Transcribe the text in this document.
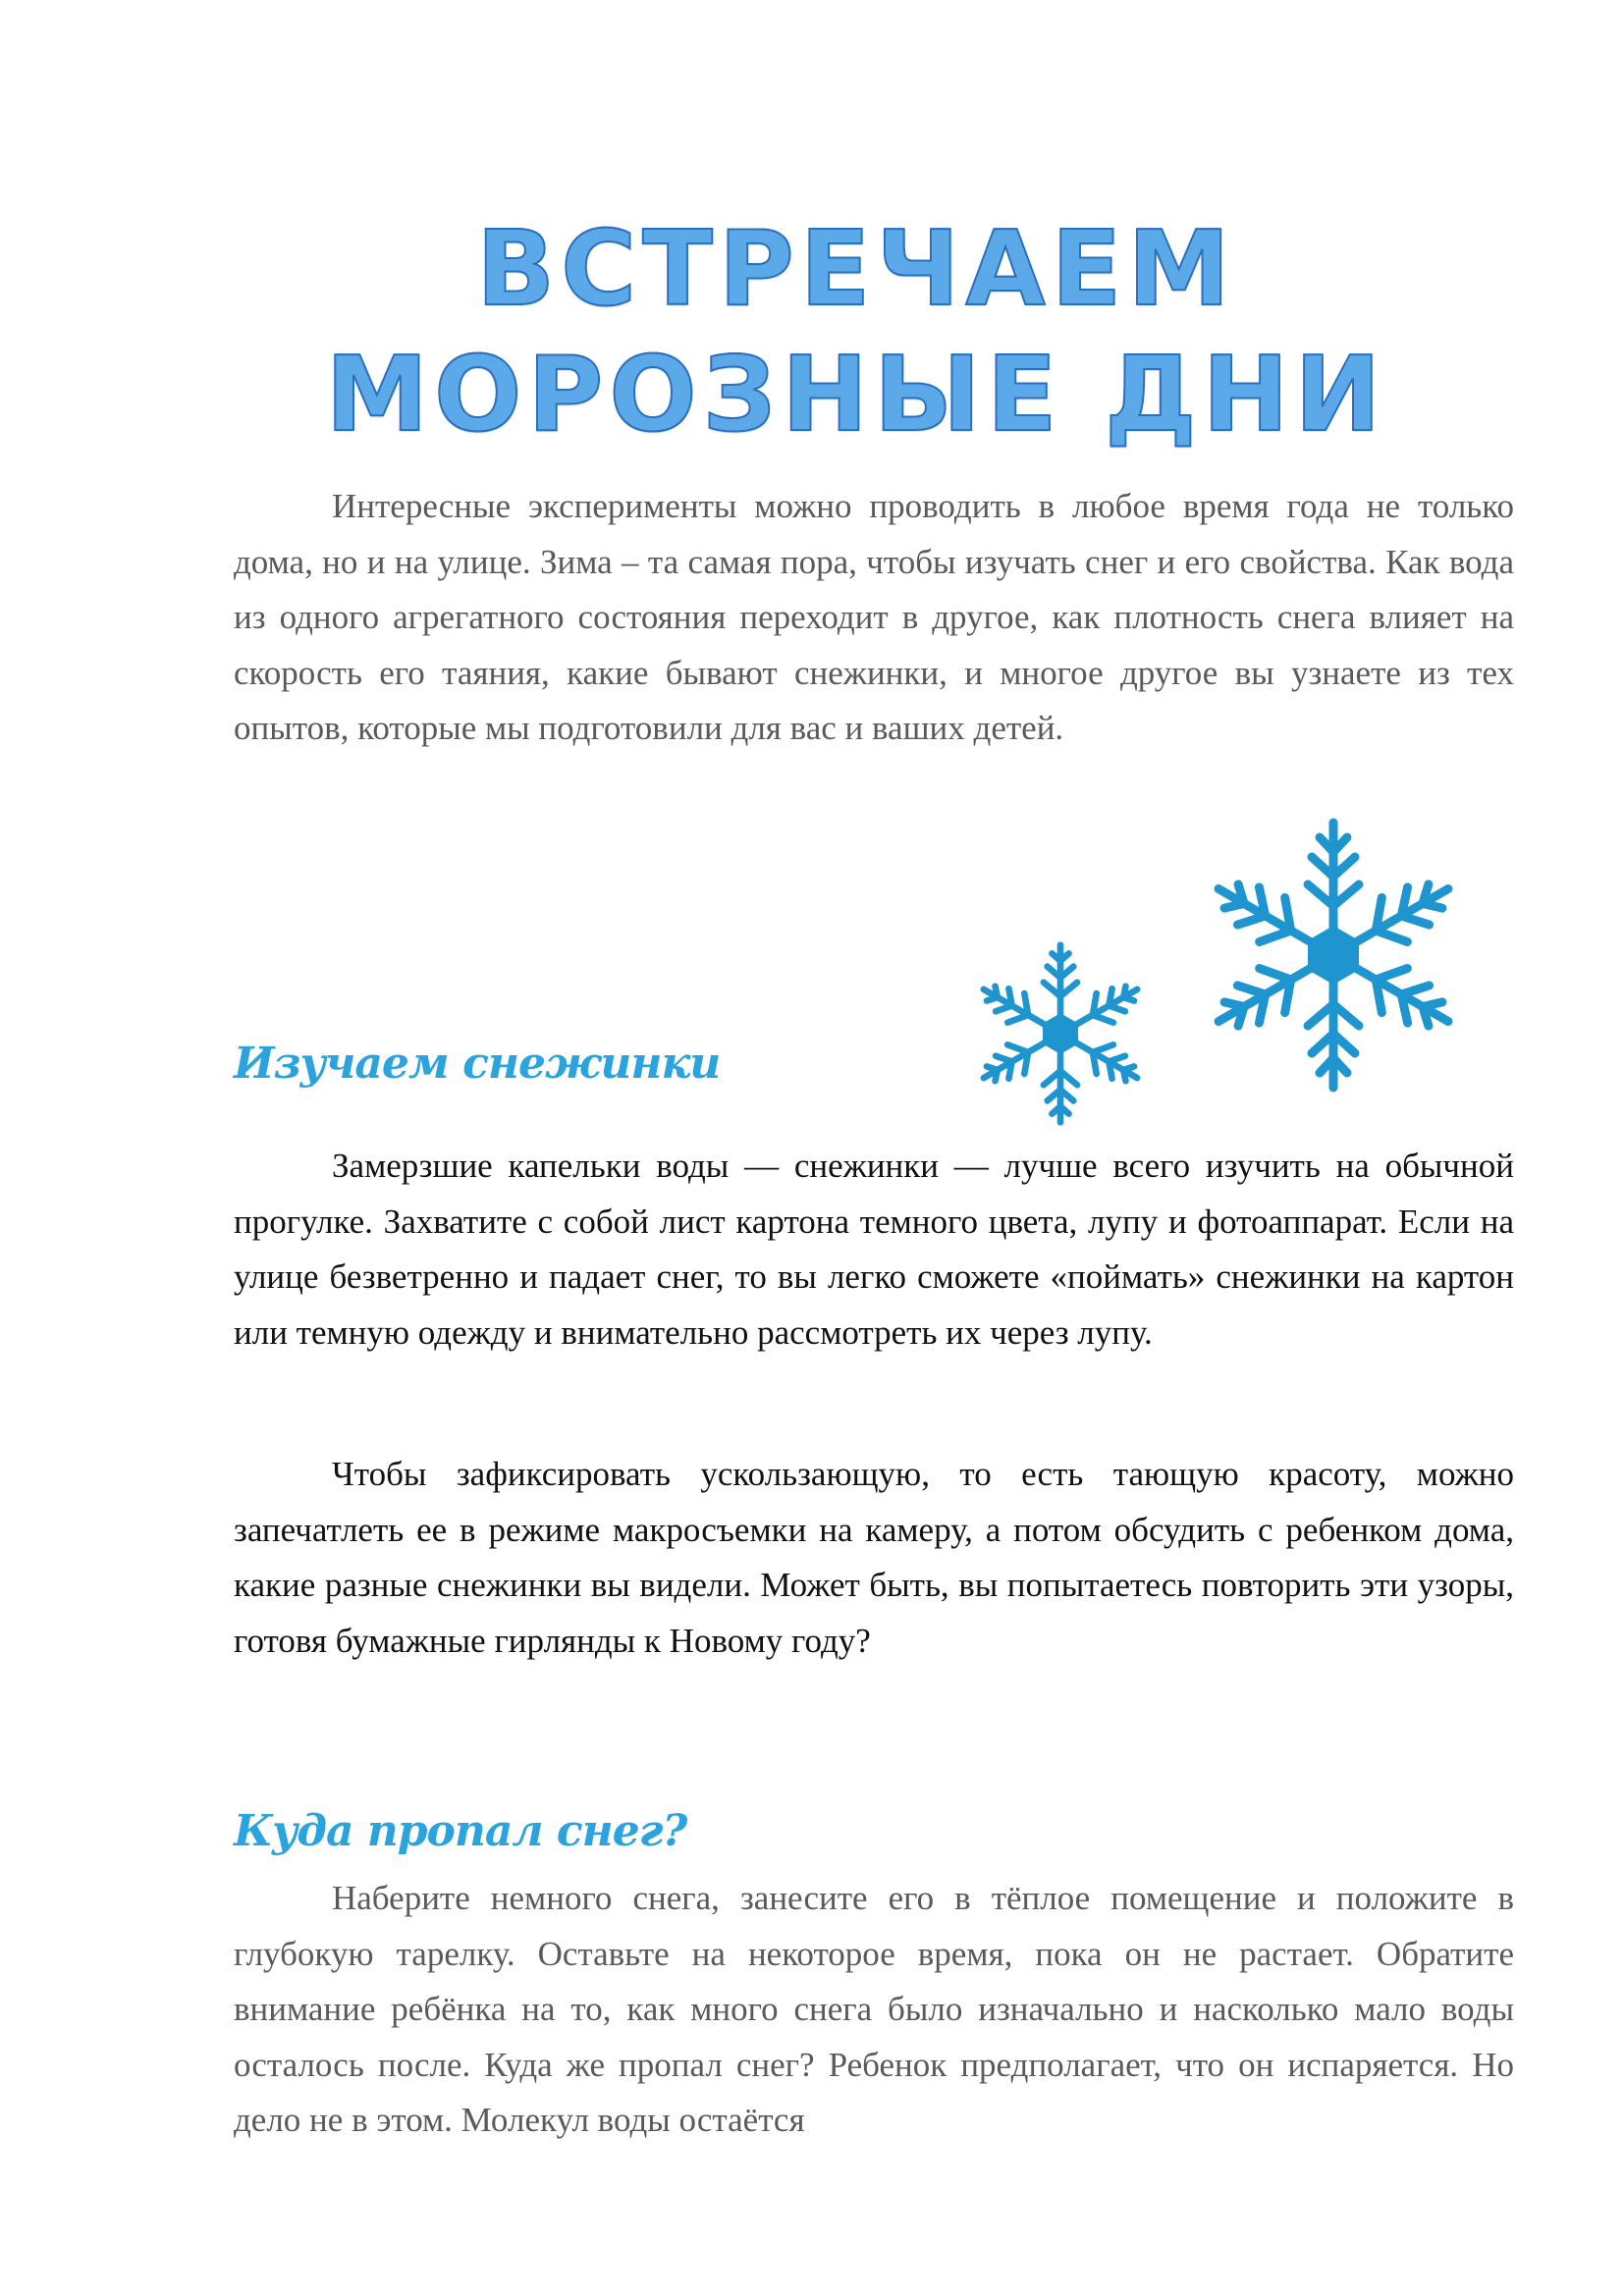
ВСТРЕЧАЕМ
МОРОЗНЫЕ ДНИ

Интересные эксперименты можно проводить в любое время года не только дома, но и на улице. Зима – та самая пора, чтобы изучать снег и его свойства. Как вода из одного агрегатного состояния переходит в другое, как плотность снега влияет на скорость его таяния, какие бывают снежинки, и многое другое вы узнаете из тех опытов, которые мы подготовили для вас и ваших детей.

Изучаем снежинки

Замерзшие капельки воды — снежинки — лучше всего изучить на обычной прогулке. Захватите с собой лист картона темного цвета, лупу и фотоаппарат. Если на улице безветренно и падает снег, то вы легко сможете «поймать» снежинки на картон или темную одежду и внимательно рассмотреть их через лупу.

Чтобы зафиксировать ускользающую, то есть тающую красоту, можно запечатлеть ее в режиме макросъемки на камеру, а потом обсудить с ребенком дома, какие разные снежинки вы видели. Может быть, вы попытаетесь повторить эти узоры, готовя бумажные гирлянды к Новому году?

Куда пропал снег?

Наберите немного снега, занесите его в тёплое помещение и положите в глубокую тарелку. Оставьте на некоторое время, пока он не растает. Обратите внимание ребёнка на то, как много снега было изначально и насколько мало воды осталось после. Куда же пропал снег? Ребенок предполагает, что он испаряется. Но дело не в этом. Молекул воды остаётся
